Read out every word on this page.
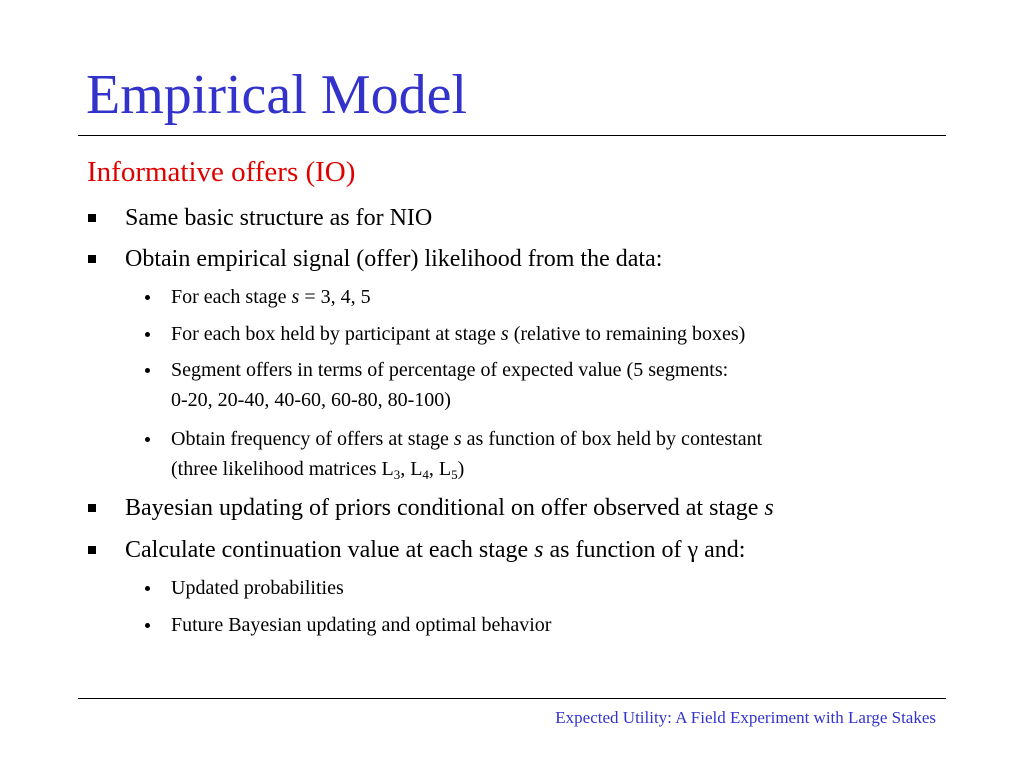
Empirical Model
Informative offers (IO)
Same basic structure as for NIO
Obtain empirical signal (offer) likelihood from the data:
For each stage s = 3, 4, 5
For each box held by participant at stage s (relative to remaining boxes)
Segment offers in terms of percentage of expected value (5 segments:
0-20, 20-40, 40-60, 60-80, 80-100)
Obtain frequency of offers at stage s as function of box held by contestant
(three likelihood matrices $L_3$, $L_4$, $L_5$)
Bayesian updating of priors conditional on offer observed at stage s
Calculate continuation value at each stage s as function of γ and:
Updated probabilities
Future Bayesian updating and optimal behavior
Expected Utility: A Field Experiment with Large Stakes
